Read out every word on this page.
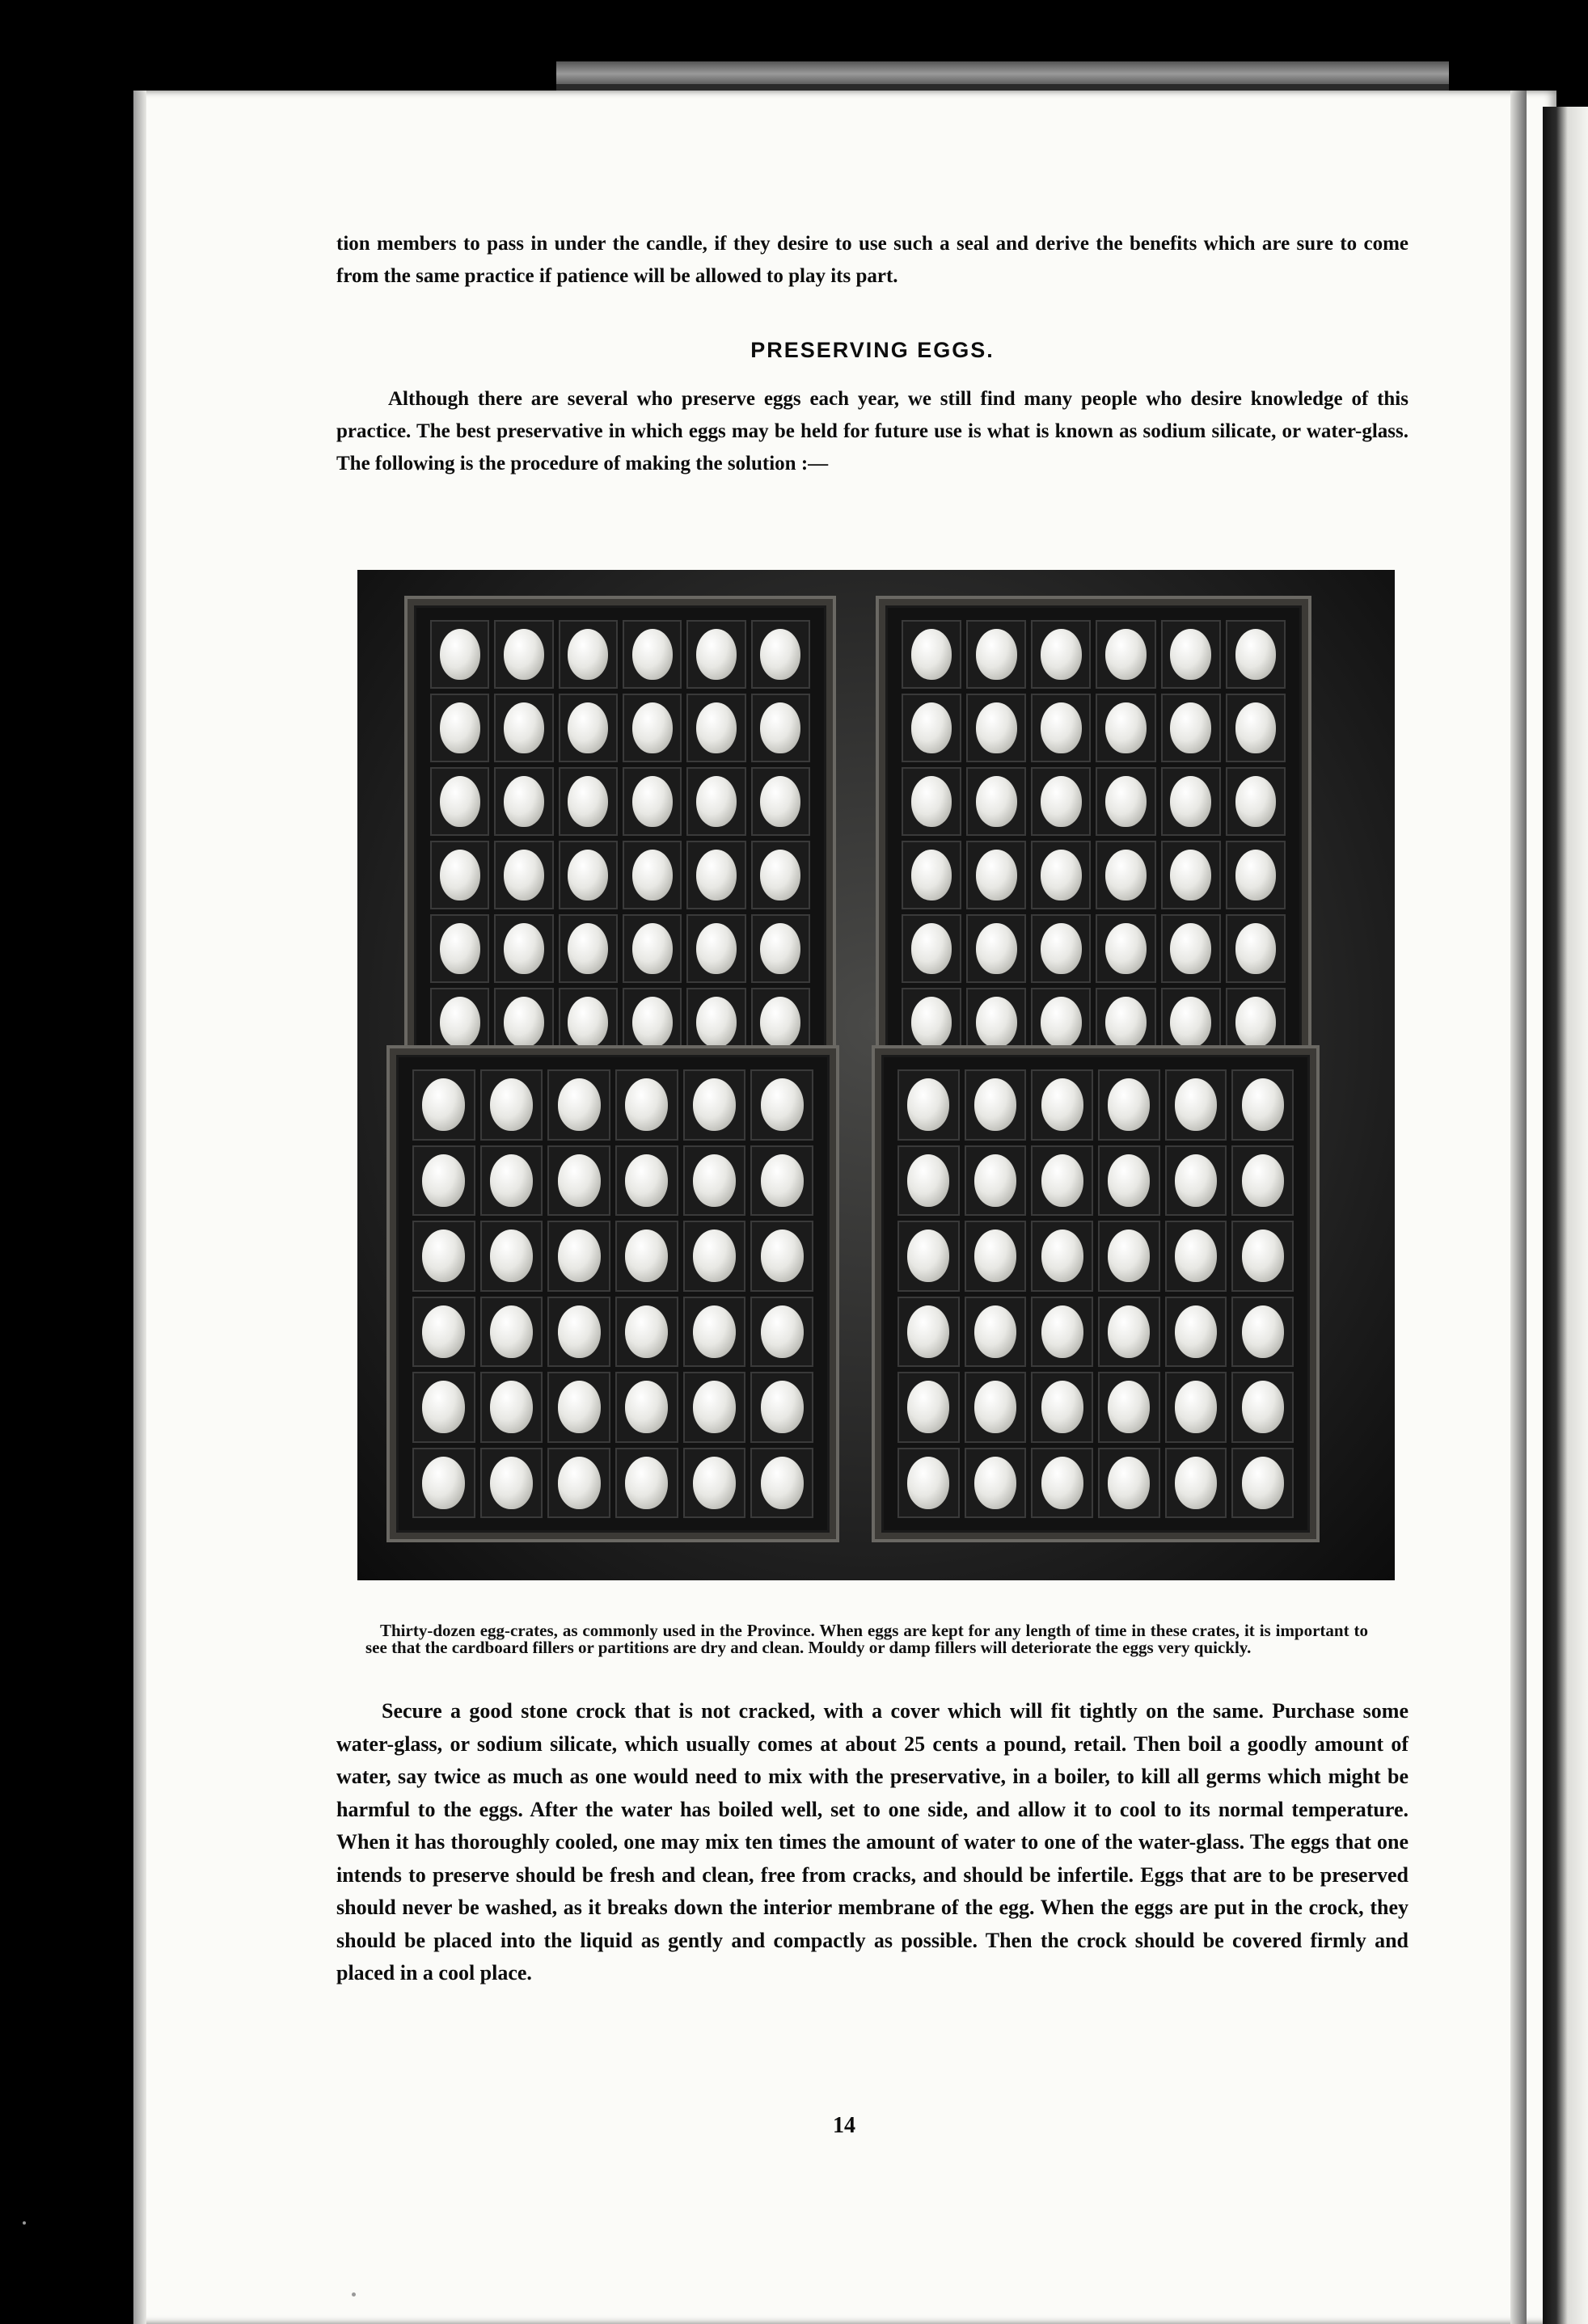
tion members to pass in under the candle, if they desire to use such a seal and derive the benefits which are sure to come from the same practice if patience will be allowed to play its part.

PRESERVING EGGS.

Although there are several who preserve eggs each year, we still find many people who desire knowledge of this practice. The best preservative in which eggs may be held for future use is what is known as sodium silicate, or water-glass. The following is the procedure of making the solution :—

Thirty-dozen egg-crates, as commonly used in the Province. When eggs are kept for any length of time in these crates, it is important to see that the cardboard fillers or partitions are dry and clean. Mouldy or damp fillers will deteriorate the eggs very quickly.

Secure a good stone crock that is not cracked, with a cover which will fit tightly on the same. Purchase some water-glass, or sodium silicate, which usually comes at about 25 cents a pound, retail. Then boil a goodly amount of water, say twice as much as one would need to mix with the preservative, in a boiler, to kill all germs which might be harmful to the eggs. After the water has boiled well, set to one side, and allow it to cool to its normal temperature. When it has thoroughly cooled, one may mix ten times the amount of water to one of the water-glass. The eggs that one intends to preserve should be fresh and clean, free from cracks, and should be infertile. Eggs that are to be preserved should never be washed, as it breaks down the interior membrane of the egg. When the eggs are put in the crock, they should be placed into the liquid as gently and compactly as possible. Then the crock should be covered firmly and placed in a cool place.

14
